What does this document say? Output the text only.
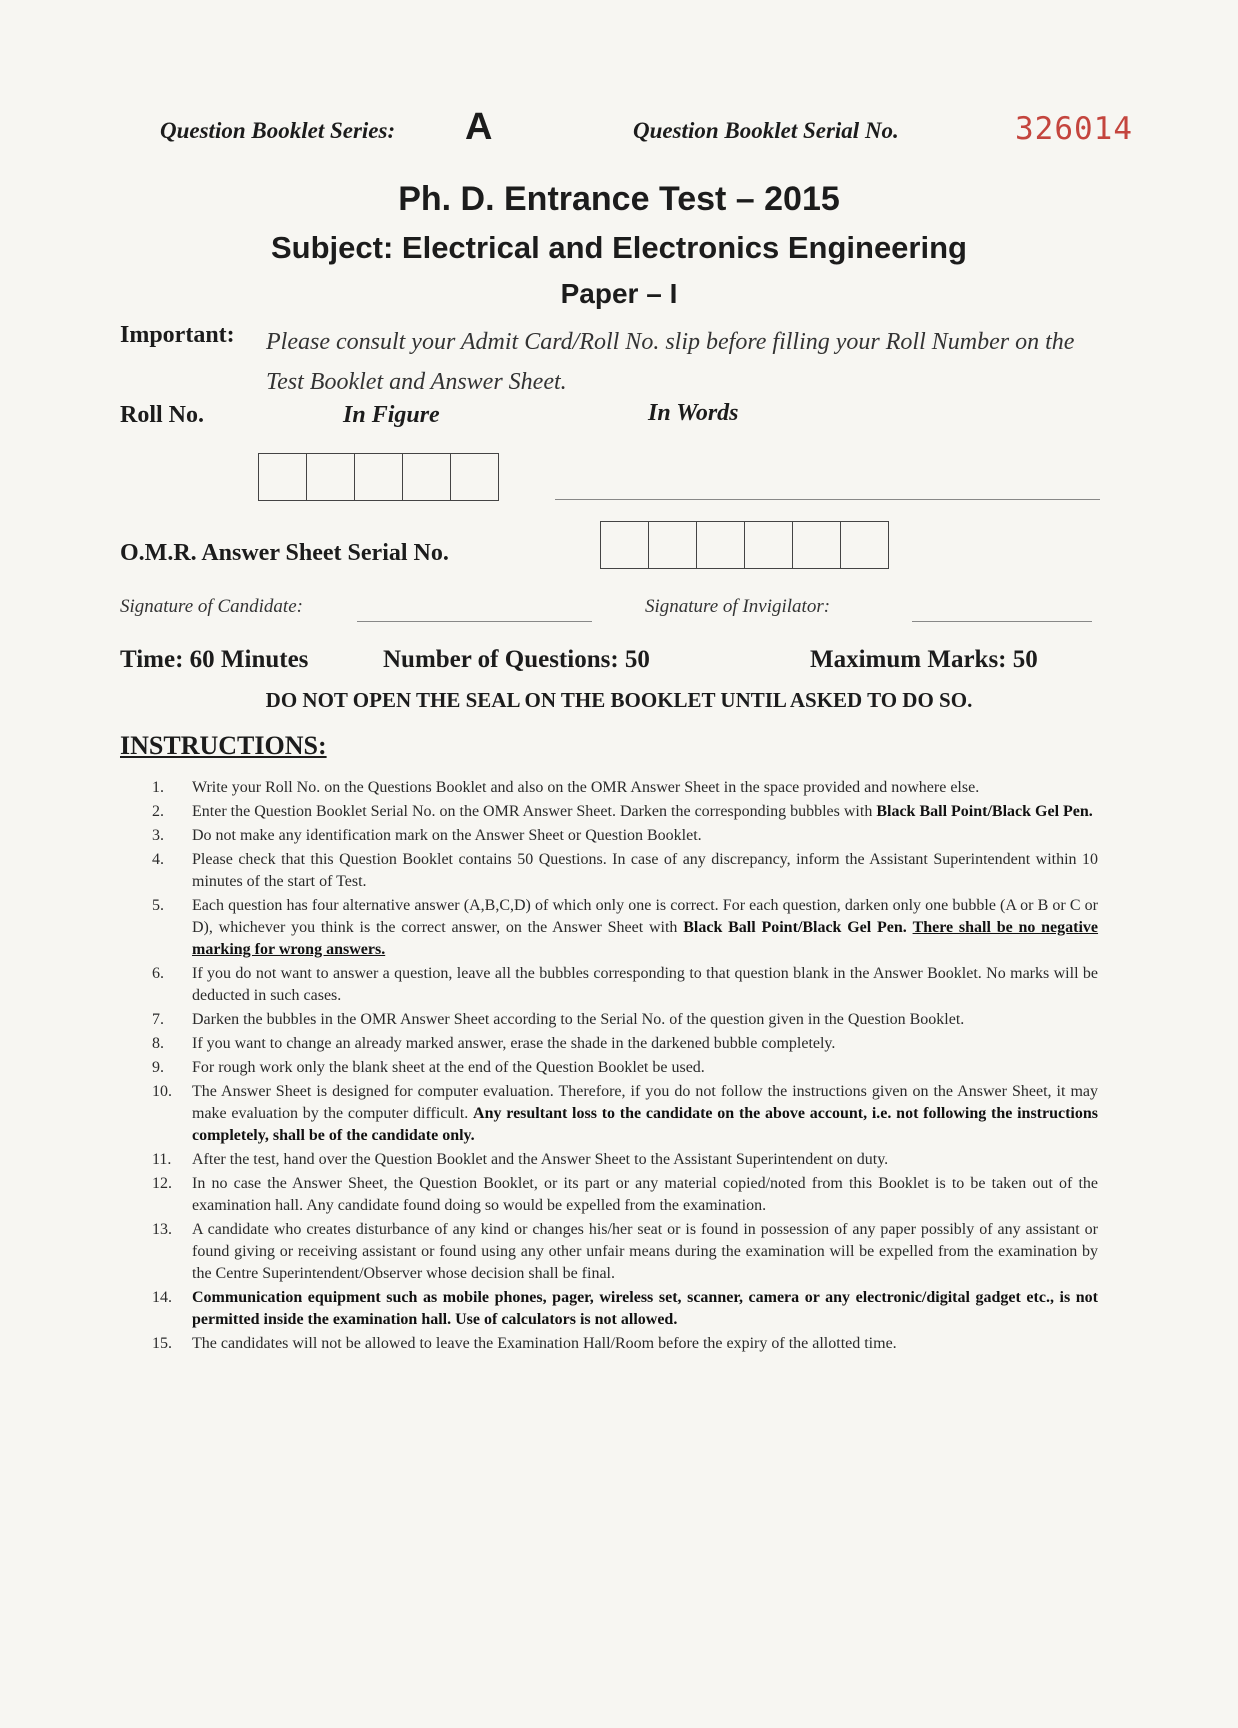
Question Booklet Series: A	Question Booklet Serial No.	326014
Ph. D. Entrance Test – 2015
Subject: Electrical and Electronics Engineering
Paper – I
Important: Please consult your Admit Card/Roll No. slip before filling your Roll Number on the Test Booklet and Answer Sheet.
Roll No.	In Figure	In Words
O.M.R. Answer Sheet Serial No.
Signature of Candidate:	Signature of Invigilator:
Time: 60 Minutes	Number of Questions: 50	Maximum Marks: 50
DO NOT OPEN THE SEAL ON THE BOOKLET UNTIL ASKED TO DO SO.
INSTRUCTIONS:
1. Write your Roll No. on the Questions Booklet and also on the OMR Answer Sheet in the space provided and nowhere else.
2. Enter the Question Booklet Serial No. on the OMR Answer Sheet. Darken the corresponding bubbles with Black Ball Point/Black Gel Pen.
3. Do not make any identification mark on the Answer Sheet or Question Booklet.
4. Please check that this Question Booklet contains 50 Questions. In case of any discrepancy, inform the Assistant Superintendent within 10 minutes of the start of Test.
5. Each question has four alternative answer (A,B,C,D) of which only one is correct. For each question, darken only one bubble (A or B or C or D), whichever you think is the correct answer, on the Answer Sheet with Black Ball Point/Black Gel Pen. There shall be no negative marking for wrong answers.
6. If you do not want to answer a question, leave all the bubbles corresponding to that question blank in the Answer Booklet. No marks will be deducted in such cases.
7. Darken the bubbles in the OMR Answer Sheet according to the Serial No. of the question given in the Question Booklet.
8. If you want to change an already marked answer, erase the shade in the darkened bubble completely.
9. For rough work only the blank sheet at the end of the Question Booklet be used.
10. The Answer Sheet is designed for computer evaluation. Therefore, if you do not follow the instructions given on the Answer Sheet, it may make evaluation by the computer difficult. Any resultant loss to the candidate on the above account, i.e. not following the instructions completely, shall be of the candidate only.
11. After the test, hand over the Question Booklet and the Answer Sheet to the Assistant Superintendent on duty.
12. In no case the Answer Sheet, the Question Booklet, or its part or any material copied/noted from this Booklet is to be taken out of the examination hall. Any candidate found doing so would be expelled from the examination.
13. A candidate who creates disturbance of any kind or changes his/her seat or is found in possession of any paper possibly of any assistant or found giving or receiving assistant or found using any other unfair means during the examination will be expelled from the examination by the Centre Superintendent/Observer whose decision shall be final.
14. Communication equipment such as mobile phones, pager, wireless set, scanner, camera or any electronic/digital gadget etc., is not permitted inside the examination hall. Use of calculators is not allowed.
15. The candidates will not be allowed to leave the Examination Hall/Room before the expiry of the allotted time.
